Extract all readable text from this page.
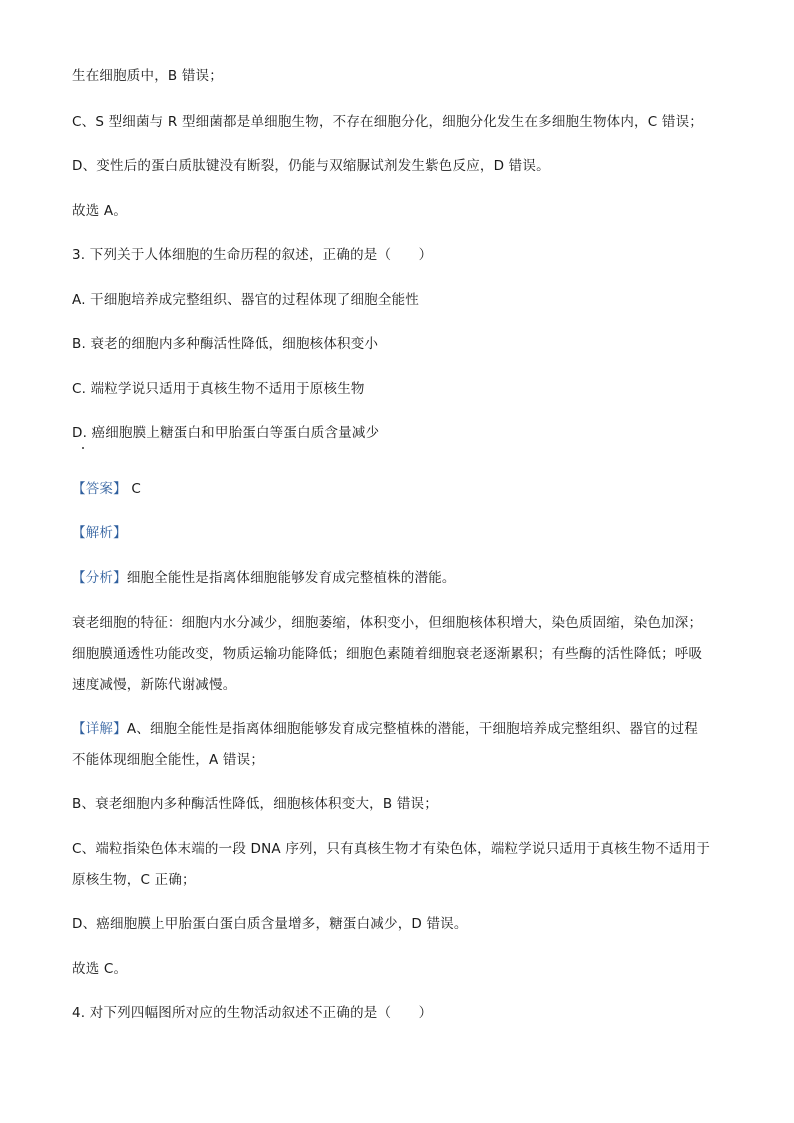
生在细胞质中，B 错误；
C、S 型细菌与 R 型细菌都是单细胞生物，不存在细胞分化，细胞分化发生在多细胞生物体内，C 错误；
D、变性后的蛋白质肽键没有断裂，仍能与双缩脲试剂发生紫色反应，D 错误。
故选 A。
3. 下列关于人体细胞的生命历程的叙述，正确的是（　　）
A. 干细胞培养成完整组织、器官的过程体现了细胞全能性
B. 衰老的细胞内多种酶活性降低，细胞核体积变小
C. 端粒学说只适用于真核生物不适用于原核生物
D. 癌细胞膜上糖蛋白和甲胎蛋白等蛋白质含量减少
【答案】 C
【解析】
【分析】细胞全能性是指离体细胞能够发育成完整植株的潜能。
衰老细胞的特征：细胞内水分减少，细胞萎缩，体积变小，但细胞核体积增大，染色质固缩，染色加深；
细胞膜通透性功能改变，物质运输功能降低；细胞色素随着细胞衰老逐渐累积；有些酶的活性降低；呼吸
速度减慢，新陈代谢减慢。
【详解】A、细胞全能性是指离体细胞能够发育成完整植株的潜能，干细胞培养成完整组织、器官的过程
不能体现细胞全能性，A 错误；
B、衰老细胞内多种酶活性降低，细胞核体积变大，B 错误；
C、端粒指染色体末端的一段 DNA 序列，只有真核生物才有染色体，端粒学说只适用于真核生物不适用于
原核生物，C 正确；
D、癌细胞膜上甲胎蛋白蛋白质含量增多，糖蛋白减少，D 错误。
故选 C。
4. 对下列四幅图所对应的生物活动叙述不正确的是（　　）
